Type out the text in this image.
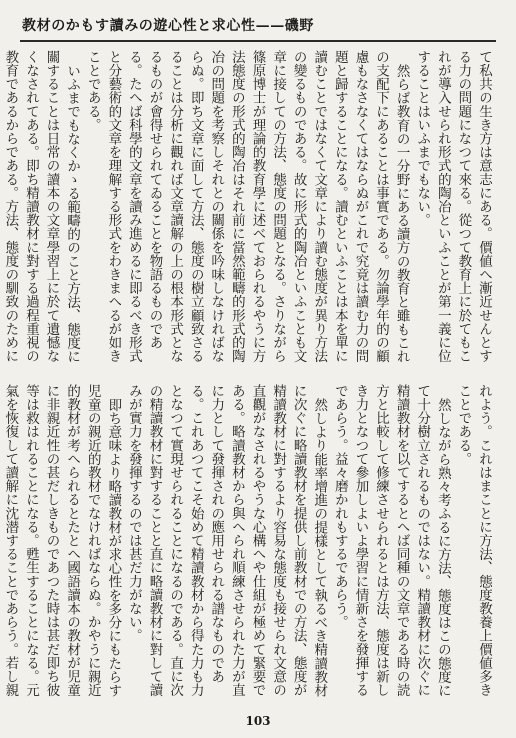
教材のかもす讀みの遊心性と求心性——磯野

て私共の生き方は意志にある。價値へ漸近せんとする力の問題になつて來る。從つて教育上に於てもこれが導入せられ形式的陶冶といふことが第一義に位することはいふまでもない。

然らば教育の一分野にある讀方の教育と雖もこれの支配下にあることは事實である。勿論學年的の顧慮もなさなくてはならぬがこれで究竟は讀む力の問題と歸することになる。讀むといふことは本を單に讀むことではなくて文章により讀む態度が異り方法の變るものである。故に形式的陶冶といふことも文章に接しての方法、態度の問題となる。さりながら篠原博士が理論的教育學に述べておられるやうに方法態度の形式的陶冶はそれ前に當然範疇的形式的陶冶の問題を考察しそれとの關係を吟味しなければならぬ。即ち文章に面して方法、態度の樹立顧致さるることは分析に觀れば文章讀解の上の根本形式となるものが會得せられてゐることを物語るものである。たへば科學的文章を讀み進めるに即るべき形式と分藝術的文章を理解する形式をわきまへるが如きことである。

いふまでもなくかゝる範疇的のこと方法、態度に關することは日常の讀本の文章學習上に於て遺憾なくなされてある。即ち精讀教材に對する過程重視の教育であるからである。方法、態度の馴致のために

れよう。これはまことに方法、態度教養上價値多きことである。

然しながら熟々考ふるに方法、態度はこの態度にて十分樹立されるものではない。精讀教材に次ぐに精讀教材を以てするとへば同種の文章である時の読方と比較して修練させられるとは方法、態度は新しき力となつて參加しよいよ學習に情新さを發揮するであらう。益々磨かれもするであらう。

然しより能率增進の提樣として執るべき精讀教材に次ぐに略讀教材を提供し前教材での方法、態度が精讀教材に對するより容易な態度も接せられ文意の直觀がなされるやうな心構へや仕組が極めて緊要である。略讀教材から與へられ順練させられた力が直に力として發揮されの應用せられる譜なものである。これあつてこそ始めて精讀教材から得た力も力となつて實現せられることになるのである。直に次の精讀教材に對することと直に略讀教材に對して讀みが實力を發揮するのでは甚だ力がない。

即ち意味より略讀教材が求心性を多分にもたらす児童の親近的教材でなければならぬ。かやうに親近的教材が考へられるとたとへ國語讀本の教材が児童に非親近性の甚だしきものであつた時は甚だ即ち彼等は救はれることになる。甦生することになる。元氣を恢復して讀解に沈潜することであらう。若し親

103
